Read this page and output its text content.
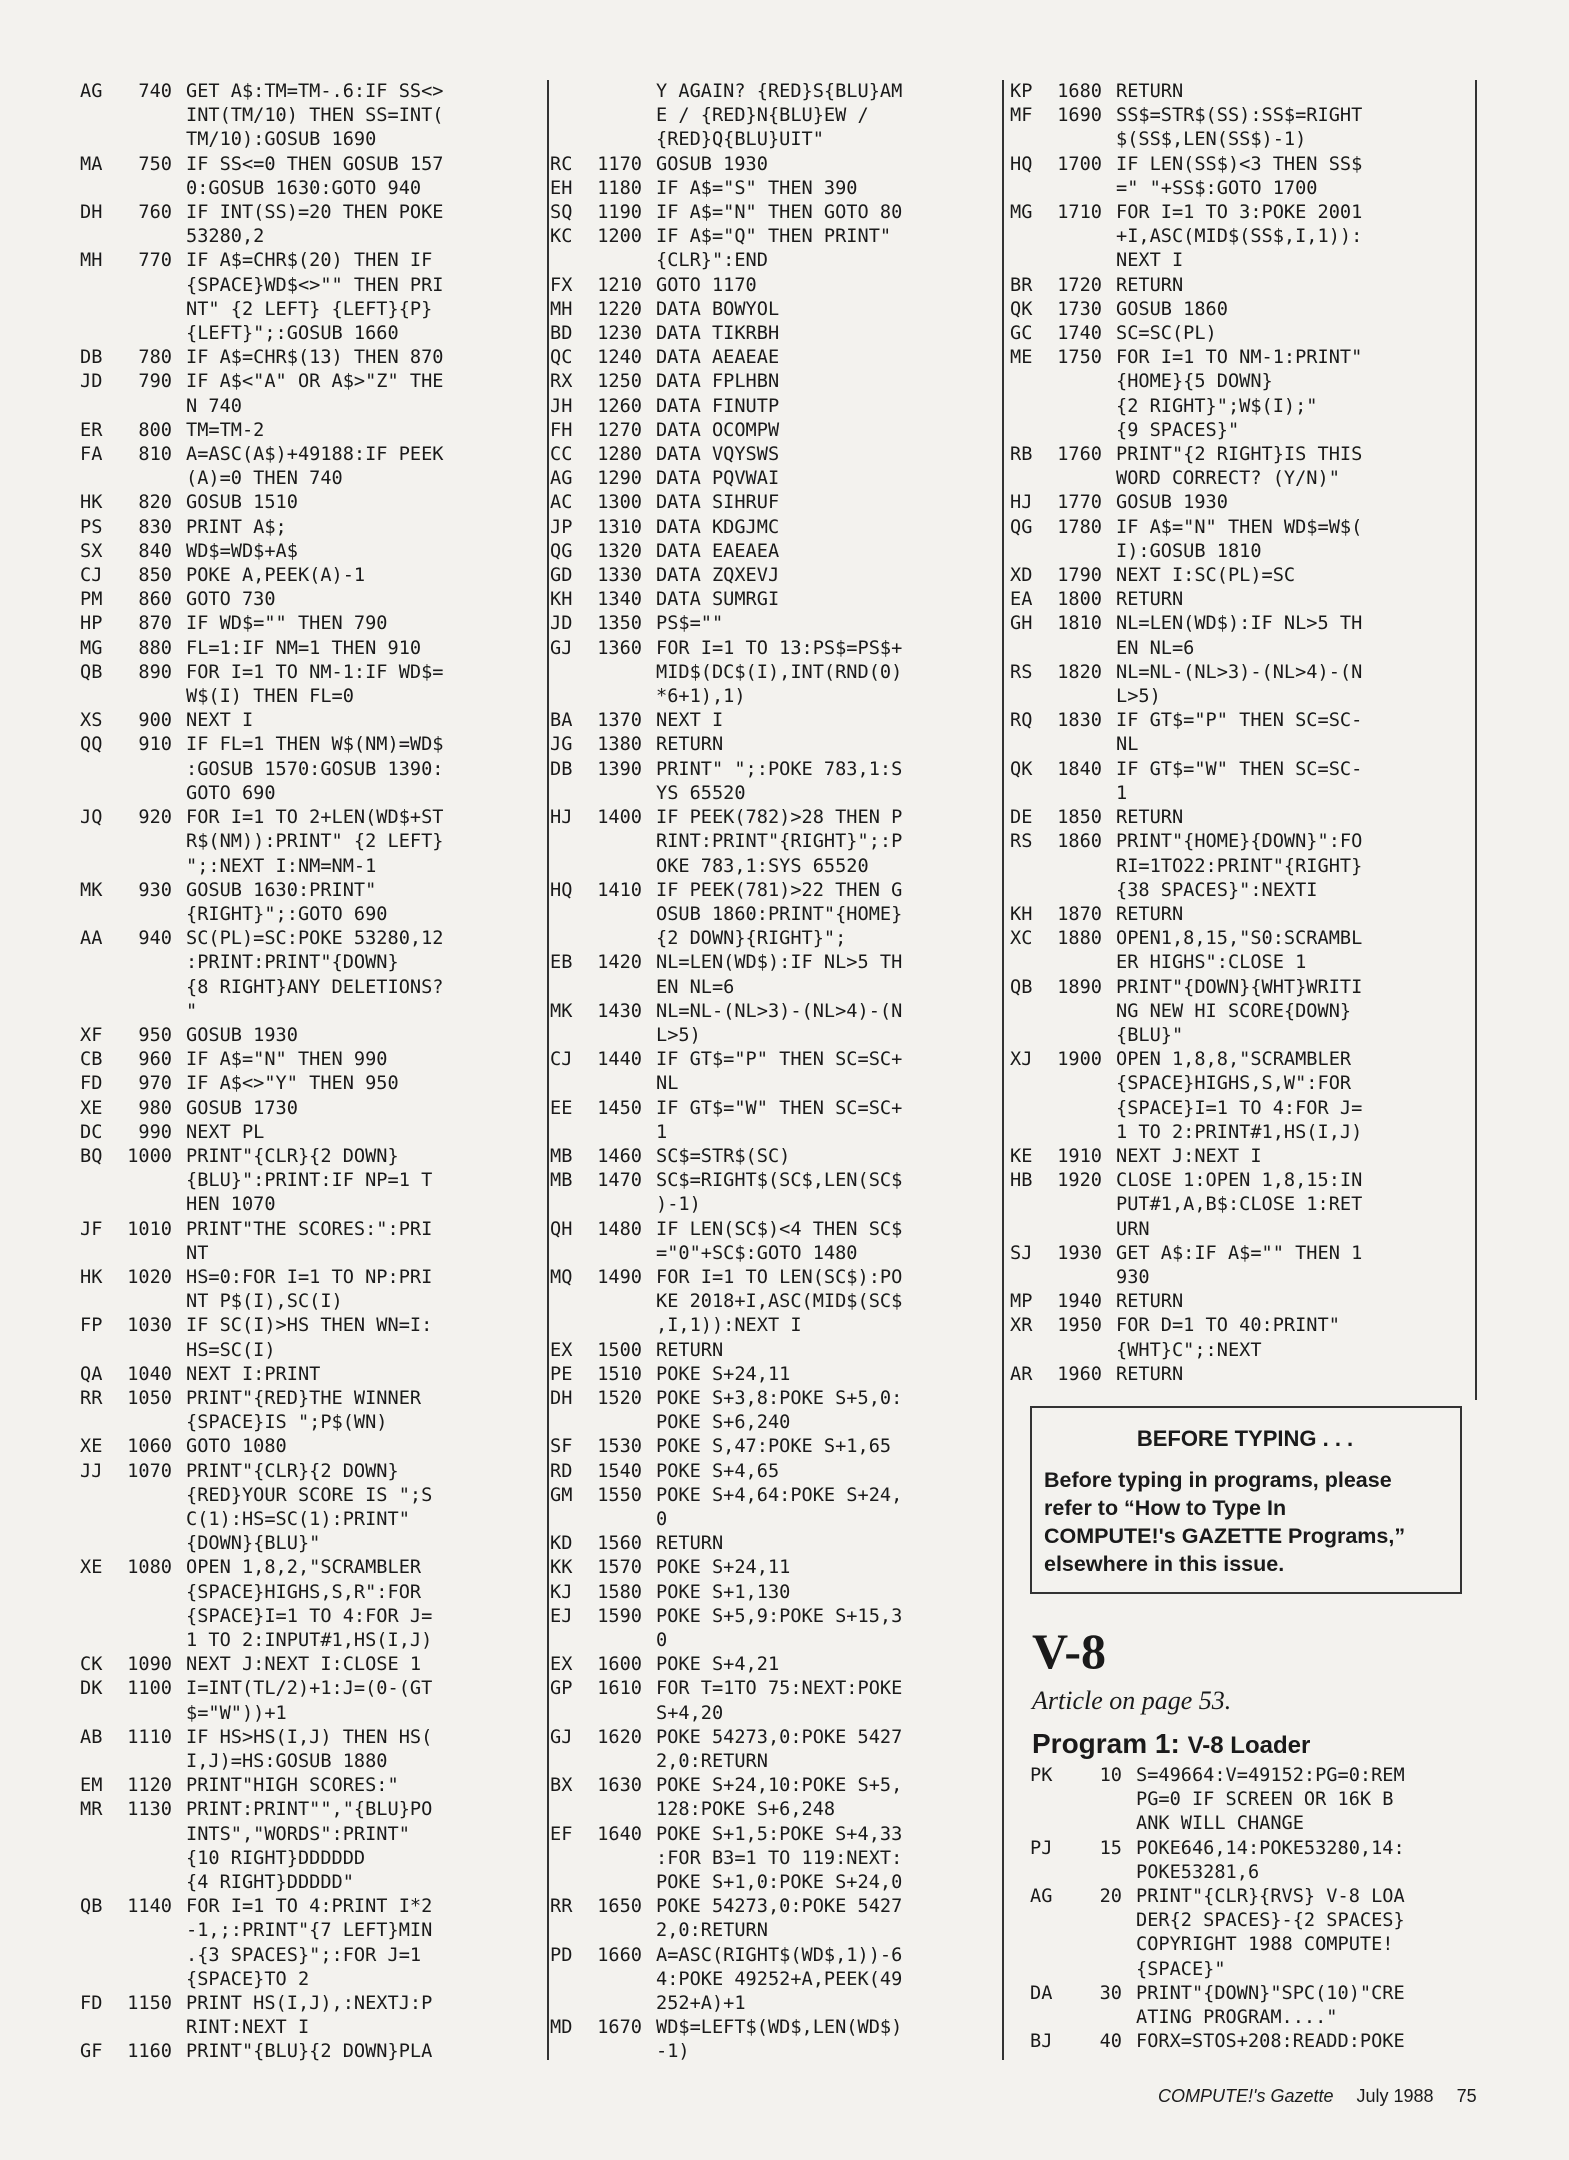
AG	740 GET A$:TM=TM-.6:IF SS<>
INT(TM/10) THEN SS=INT(
TM/10):GOSUB 1690
MA	750 IF SS<=0 THEN GOSUB 157
0:GOSUB 1630:GOTO 940
DH	760 IF INT(SS)=20 THEN POKE
53280,2
MH	770 IF A$=CHR$(20) THEN IF
{SPACE}WD$<>"" THEN PRI
NT" {2 LEFT} {LEFT}{P}
{LEFT}";:GOSUB 1660
DB	780 IF A$=CHR$(13) THEN 870
JD	790 IF A$<"A" OR A$>"Z" THE
N 740
ER	800 TM=TM-2
FA	810 A=ASC(A$)+49188:IF PEEK
(A)=0 THEN 740
HK	820 GOSUB 1510
PS	830 PRINT A$;
SX	840 WD$=WD$+A$
CJ	850 POKE A,PEEK(A)-1
PM	860 GOTO 730
HP	870 IF WD$="" THEN 790
MG	880 FL=1:IF NM=1 THEN 910
QB	890 FOR I=1 TO NM-1:IF WD$=
W$(I) THEN FL=0
XS	900 NEXT I
QQ	910 IF FL=1 THEN W$(NM)=WD$
:GOSUB 1570:GOSUB 1390:
GOTO 690
JQ	920 FOR I=1 TO 2+LEN(WD$+ST
R$(NM)):PRINT" {2 LEFT}
";:NEXT I:NM=NM-1
MK	930 GOSUB 1630:PRINT"
{RIGHT}";:GOTO 690
AA	940 SC(PL)=SC:POKE 53280,12
:PRINT:PRINT"{DOWN}
{8 RIGHT}ANY DELETIONS?
"
XF	950 GOSUB 1930
CB	960 IF A$="N" THEN 990
FD	970 IF A$<>"Y" THEN 950
XE	980 GOSUB 1730
DC	990 NEXT PL
BQ	1000 PRINT"{CLR}{2 DOWN}
{BLU}":PRINT:IF NP=1 T
HEN 1070
JF	1010 PRINT"THE SCORES:":PRI
NT
HK	1020 HS=0:FOR I=1 TO NP:PRI
NT P$(I),SC(I)
FP	1030 IF SC(I)>HS THEN WN=I:
HS=SC(I)
QA	1040 NEXT I:PRINT
RR	1050 PRINT"{RED}THE WINNER
{SPACE}IS ";P$(WN)
XE	1060 GOTO 1080
JJ	1070 PRINT"{CLR}{2 DOWN}
{RED}YOUR SCORE IS ";S
C(1):HS=SC(1):PRINT"
{DOWN}{BLU}"
XE	1080 OPEN 1,8,2,"SCRAMBLER
{SPACE}HIGHS,S,R":FOR
{SPACE}I=1 TO 4:FOR J=
1 TO 2:INPUT#1,HS(I,J)
CK	1090 NEXT J:NEXT I:CLOSE 1
DK	1100 I=INT(TL/2)+1:J=(0-(GT
$="W"))+1
AB	1110 IF HS>HS(I,J) THEN HS(
I,J)=HS:GOSUB 1880
EM	1120 PRINT"HIGH SCORES:"
MR	1130 PRINT:PRINT"","{BLU}PO
INTS","WORDS":PRINT"
{10 RIGHT}DDDDDD
{4 RIGHT}DDDDD"
QB	1140 FOR I=1 TO 4:PRINT I*2
-1,;:PRINT"{7 LEFT}MIN
.{3 SPACES}";:FOR J=1
{SPACE}TO 2
FD	1150 PRINT HS(I,J),:NEXTJ:P
RINT:NEXT I
GF	1160 PRINT"{BLU}{2 DOWN}PLA
Y AGAIN? {RED}S{BLU}AM
E / {RED}N{BLU}EW /
{RED}Q{BLU}UIT"
RC	1170 GOSUB 1930
EH	1180 IF A$="S" THEN 390
SQ	1190 IF A$="N" THEN GOTO 80
KC	1200 IF A$="Q" THEN PRINT"
{CLR}":END
FX	1210 GOTO 1170
MH	1220 DATA BOWYOL
BD	1230 DATA TIKRBH
QC	1240 DATA AEAEAE
RX	1250 DATA FPLHBN
JH	1260 DATA FINUTP
FH	1270 DATA OCOMPW
CC	1280 DATA VQYSWS
AG	1290 DATA PQVWAI
AC	1300 DATA SIHRUF
JP	1310 DATA KDGJMC
QG	1320 DATA EAEAEA
GD	1330 DATA ZQXEVJ
KH	1340 DATA SUMRGI
JD	1350 PS$=""
GJ	1360 FOR I=1 TO 13:PS$=PS$+
MID$(DC$(I),INT(RND(0)
*6+1),1)
BA	1370 NEXT I
JG	1380 RETURN
DB	1390 PRINT" ";:POKE 783,1:S
YS 65520
HJ	1400 IF PEEK(782)>28 THEN P
RINT:PRINT"{RIGHT}";:P
OKE 783,1:SYS 65520
HQ	1410 IF PEEK(781)>22 THEN G
OSUB 1860:PRINT"{HOME}
{2 DOWN}{RIGHT}";
EB	1420 NL=LEN(WD$):IF NL>5 TH
EN NL=6
MK	1430 NL=NL-(NL>3)-(NL>4)-(N
L>5)
CJ	1440 IF GT$="P" THEN SC=SC+
NL
EE	1450 IF GT$="W" THEN SC=SC+
1
MB	1460 SC$=STR$(SC)
MB	1470 SC$=RIGHT$(SC$,LEN(SC$
)-1)
QH	1480 IF LEN(SC$)<4 THEN SC$
="0"+SC$:GOTO 1480
MQ	1490 FOR I=1 TO LEN(SC$):PO
KE 2018+I,ASC(MID$(SC$
,I,1)):NEXT I
EX	1500 RETURN
PE	1510 POKE S+24,11
DH	1520 POKE S+3,8:POKE S+5,0:
POKE S+6,240
SF	1530 POKE S,47:POKE S+1,65
RD	1540 POKE S+4,65
GM	1550 POKE S+4,64:POKE S+24,
0
KD	1560 RETURN
KK	1570 POKE S+24,11
KJ	1580 POKE S+1,130
EJ	1590 POKE S+5,9:POKE S+15,3
0
EX	1600 POKE S+4,21
GP	1610 FOR T=1TO 75:NEXT:POKE
S+4,20
GJ	1620 POKE 54273,0:POKE 5427
2,0:RETURN
BX	1630 POKE S+24,10:POKE S+5,
128:POKE S+6,248
EF	1640 POKE S+1,5:POKE S+4,33
:FOR B3=1 TO 119:NEXT:
POKE S+1,0:POKE S+24,0
RR	1650 POKE 54273,0:POKE 5427
2,0:RETURN
PD	1660 A=ASC(RIGHT$(WD$,1))-6
4:POKE 49252+A,PEEK(49
252+A)+1
MD	1670 WD$=LEFT$(WD$,LEN(WD$)
-1)
KP	1680 RETURN
MF	1690 SS$=STR$(SS):SS$=RIGHT
$(SS$,LEN(SS$)-1)
HQ	1700 IF LEN(SS$)<3 THEN SS$
=" "+SS$:GOTO 1700
MG	1710 FOR I=1 TO 3:POKE 2001
+I,ASC(MID$(SS$,I,1)):
NEXT I
BR	1720 RETURN
QK	1730 GOSUB 1860
GC	1740 SC=SC(PL)
ME	1750 FOR I=1 TO NM-1:PRINT"
{HOME}{5 DOWN}
{2 RIGHT}";W$(I);"
{9 SPACES}"
RB	1760 PRINT"{2 RIGHT}IS THIS
WORD CORRECT? (Y/N)"
HJ	1770 GOSUB 1930
QG	1780 IF A$="N" THEN WD$=W$(
I):GOSUB 1810
XD	1790 NEXT I:SC(PL)=SC
EA	1800 RETURN
GH	1810 NL=LEN(WD$):IF NL>5 TH
EN NL=6
RS	1820 NL=NL-(NL>3)-(NL>4)-(N
L>5)
RQ	1830 IF GT$="P" THEN SC=SC-
NL
QK	1840 IF GT$="W" THEN SC=SC-
1
DE	1850 RETURN
RS	1860 PRINT"{HOME}{DOWN}":FO
RI=1TO22:PRINT"{RIGHT}
{38 SPACES}":NEXTI
KH	1870 RETURN
XC	1880 OPEN1,8,15,"S0:SCRAMBL
ER HIGHS":CLOSE 1
QB	1890 PRINT"{DOWN}{WHT}WRITI
NG NEW HI SCORE{DOWN}
{BLU}"
XJ	1900 OPEN 1,8,8,"SCRAMBLER
{SPACE}HIGHS,S,W":FOR
{SPACE}I=1 TO 4:FOR J=
1 TO 2:PRINT#1,HS(I,J)
KE	1910 NEXT J:NEXT I
HB	1920 CLOSE 1:OPEN 1,8,15:IN
PUT#1,A,B$:CLOSE 1:RET
URN
SJ	1930 GET A$:IF A$="" THEN 1
930
MP	1940 RETURN
XR	1950 FOR D=1 TO 40:PRINT"
{WHT}C";:NEXT
AR	1960 RETURN
BEFORE TYPING . . .
Before typing in programs, please
refer to “How to Type In
COMPUTE!'s GAZETTE Programs,”
elsewhere in this issue.
V-8
Article on page 53.
Program 1: V-8 Loader
PK	10 S=49664:V=49152:PG=0:REM
PG=0 IF SCREEN OR 16K B
ANK WILL CHANGE
PJ	15 POKE646,14:POKE53280,14:
POKE53281,6
AG	20 PRINT"{CLR}{RVS} V-8 LOA
DER{2 SPACES}-{2 SPACES}
COPYRIGHT 1988 COMPUTE!
{SPACE}"
DA	30 PRINT"{DOWN}"SPC(10)"CRE
ATING PROGRAM...."
BJ	40 FORX=STOS+208:READD:POKE
COMPUTE!'s Gazette July 1988 75
